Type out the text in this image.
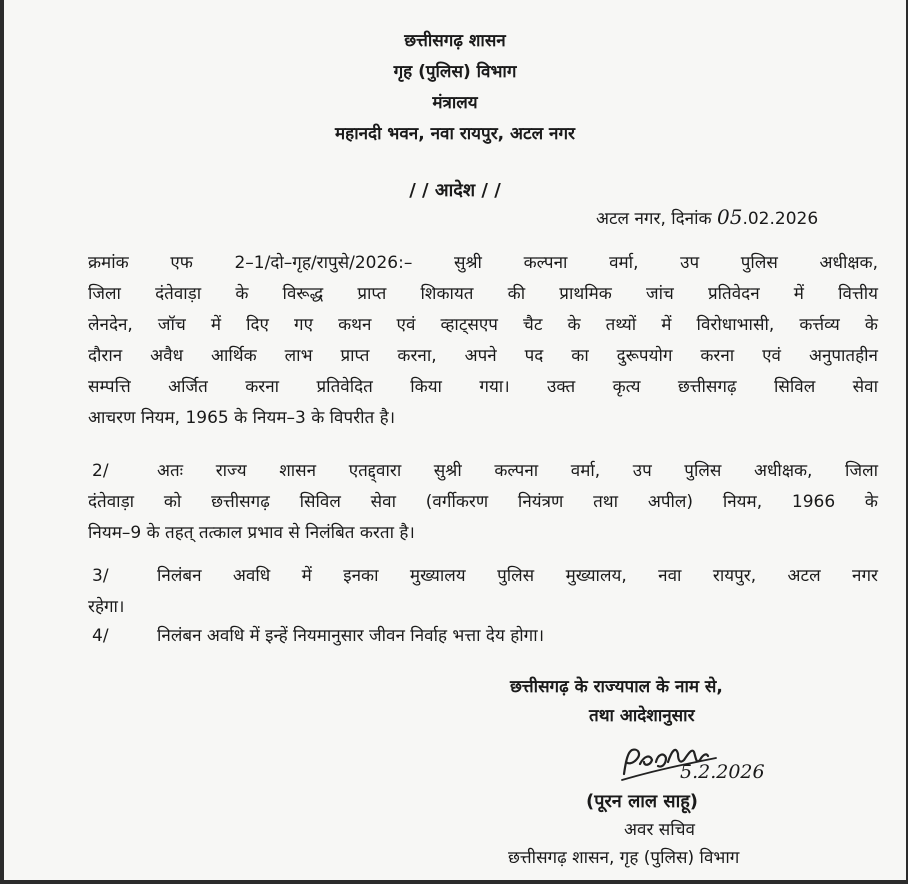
छत्तीसगढ़ शासन
गृह (पुलिस) विभाग
मंत्रालय
महानदी भवन, नवा रायपुर, अटल नगर
/ / आदेश / /
अटल नगर, दिनांक 05.02.2026
क्रमांक एफ 2–1/दो–गृह/रापुसे/2026:– सुश्री कल्पना वर्मा, उप पुलिस अधीक्षक,
जिला दंतेवाड़ा के विरूद्ध प्राप्त शिकायत की प्राथमिक जांच प्रतिवेदन में वित्तीय
लेनदेन, जॉच में दिए गए कथन एवं व्हाट्सएप चैट के तथ्यों में विरोधाभासी, कर्त्तव्य के
दौरान अवैध आर्थिक लाभ प्राप्त करना, अपने पद का दुरूपयोग करना एवं अनुपातहीन
सम्पत्ति अर्जित करना प्रतिवेदित किया गया। उक्त कृत्य छत्तीसगढ़ सिविल सेवा
आचरण नियम, 1965 के नियम–3 के विपरीत है।
2/	अतः राज्य शासन एतद्द्वारा सुश्री कल्पना वर्मा, उप पुलिस अधीक्षक, जिला
दंतेवाड़ा को छत्तीसगढ़ सिविल सेवा (वर्गीकरण नियंत्रण तथा अपील) नियम, 1966 के
नियम–9 के तहत् तत्काल प्रभाव से निलंबित करता है।
3/	निलंबन अवधि में इनका मुख्यालय पुलिस मुख्यालय, नवा रायपुर, अटल नगर
रहेगा।
4/	निलंबन अवधि में इन्हें नियमानुसार जीवन निर्वाह भत्ता देय होगा।
छत्तीसगढ़ के राज्यपाल के नाम से,
तथा आदेशानुसार
5.2.2026
(पूरन लाल साहू)
अवर सचिव
छत्तीसगढ़ शासन, गृह (पुलिस) विभाग
